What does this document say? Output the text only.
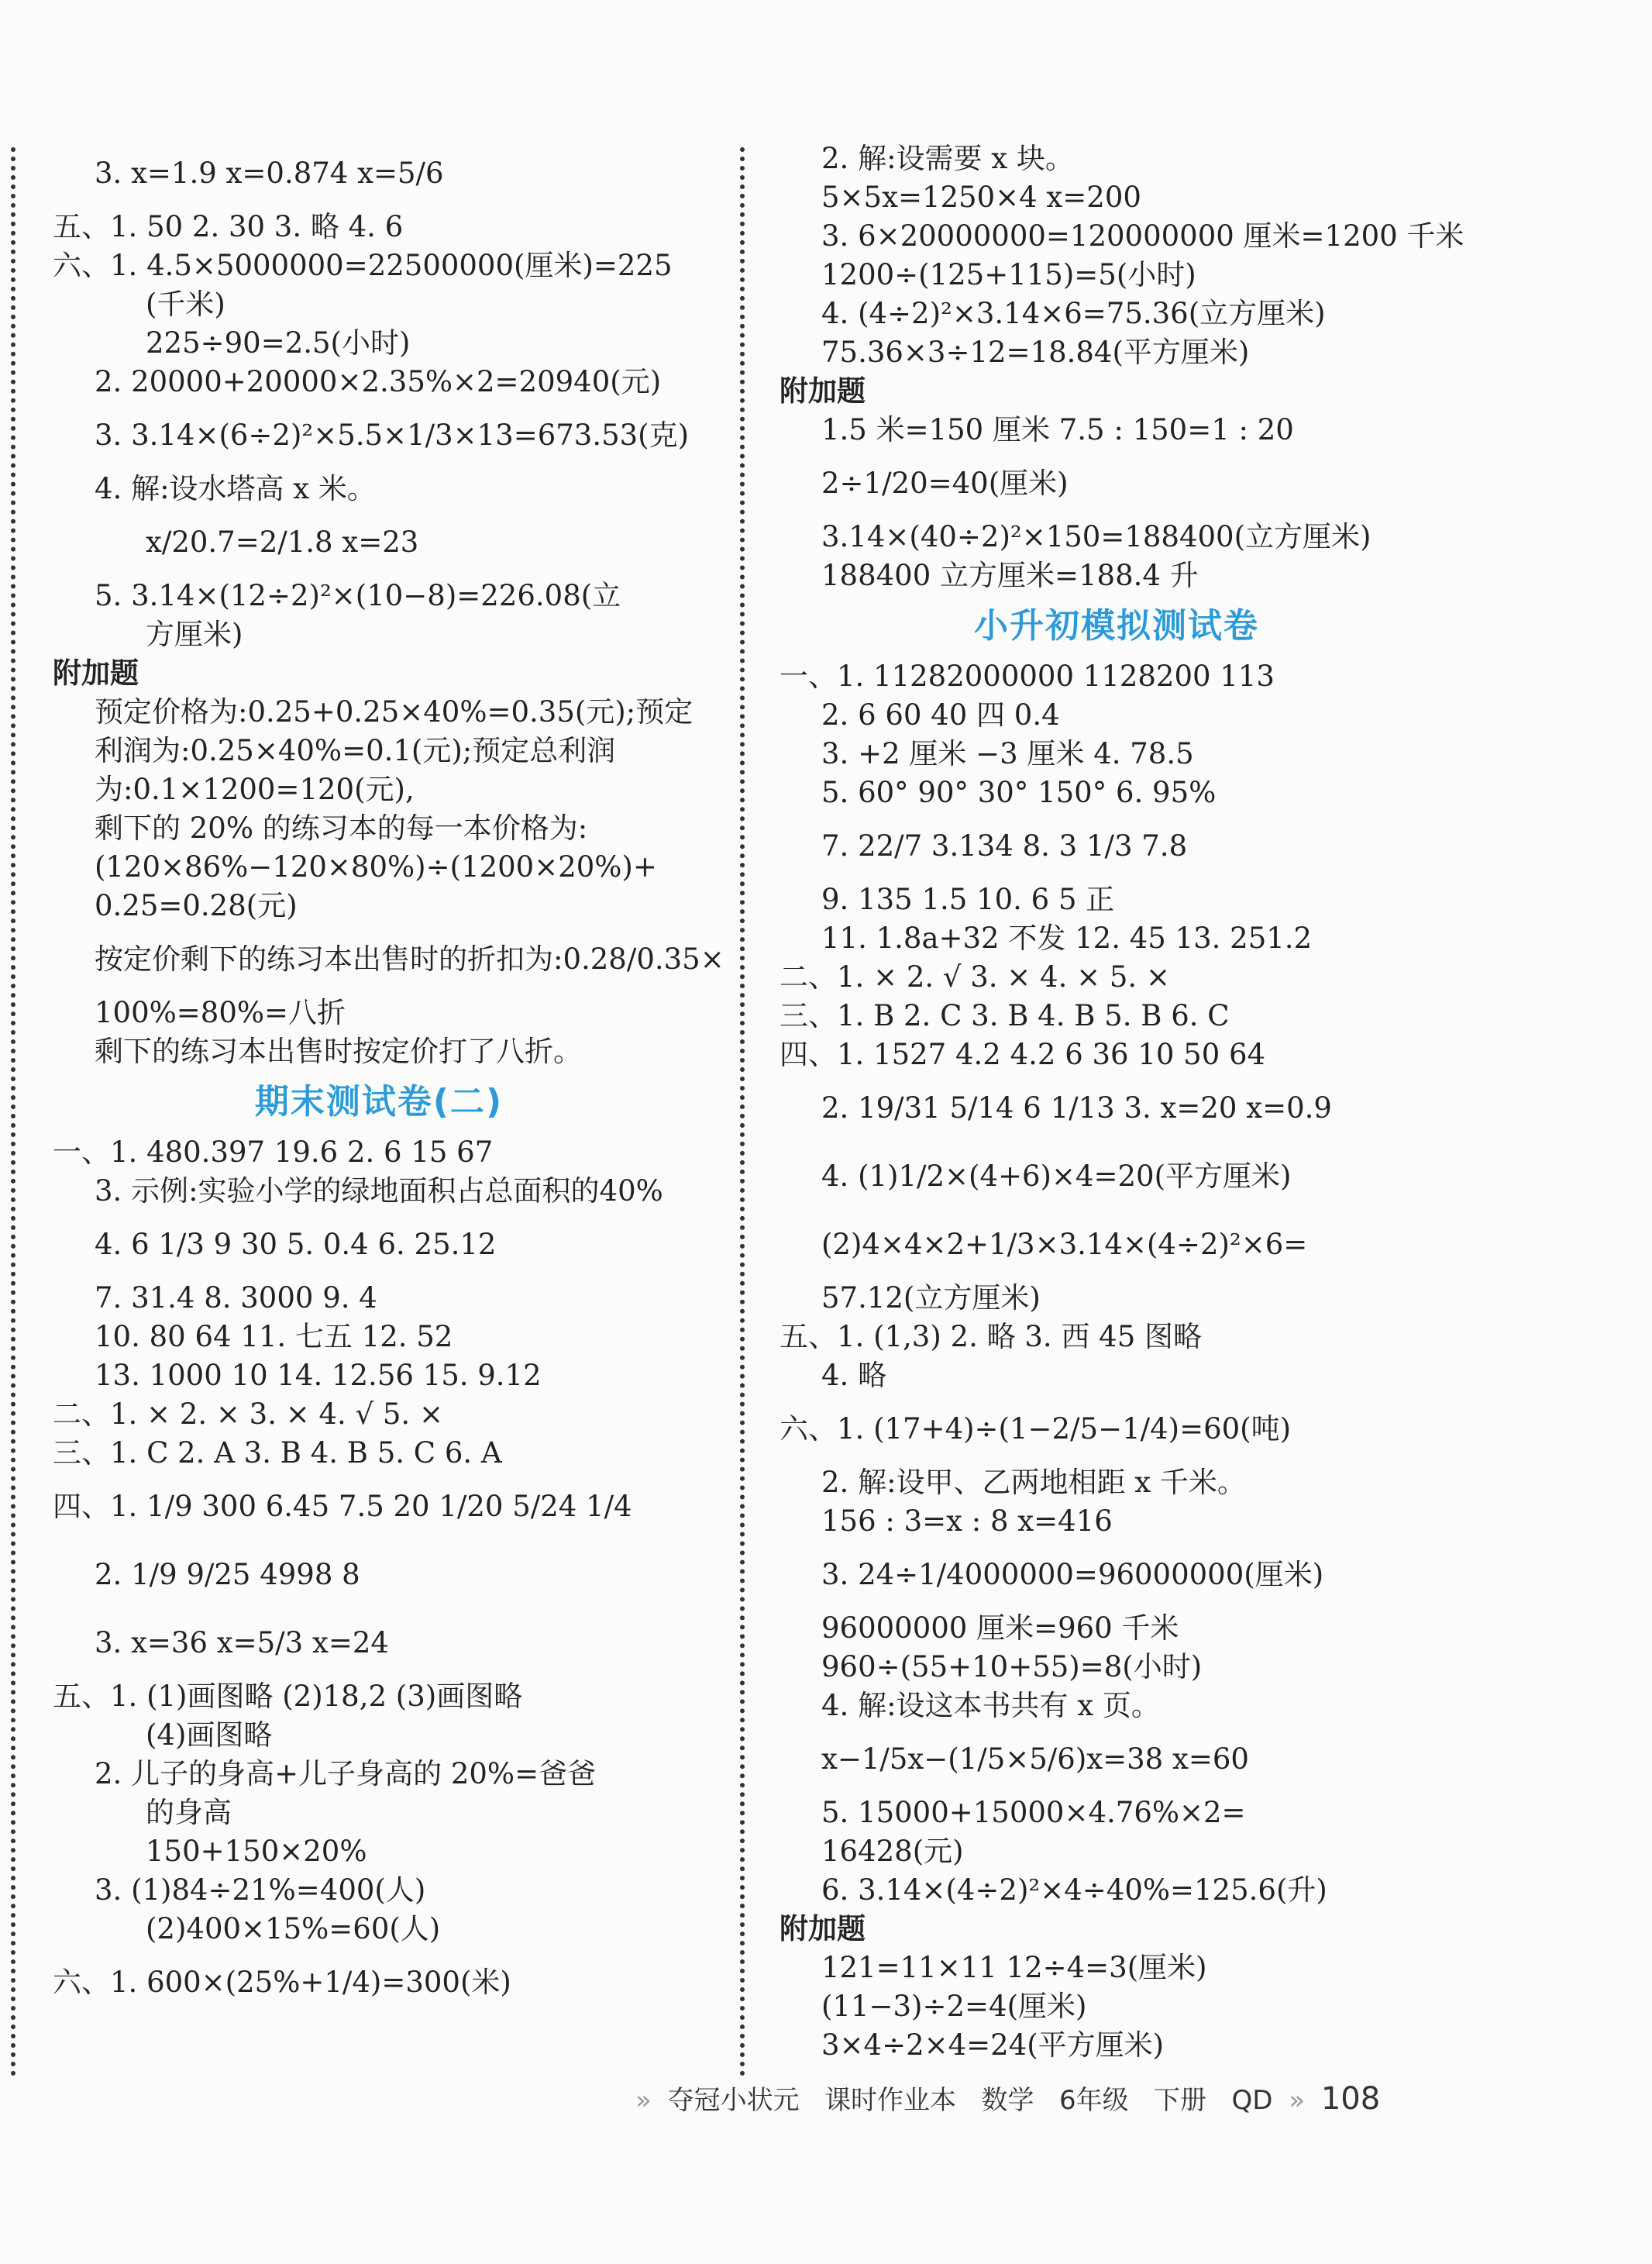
3. x=1.9 x=0.874 x=5/6
五、1. 50 2. 30 3. 略 4. 6
六、1. 4.5×5000000=22500000(厘米)=225
(千米)
225÷90=2.5(小时)
2. 20000+20000×2.35%×2=20940(元)
3. 3.14×(6÷2)²×5.5×1/3×13=673.53(克)
4. 解:设水塔高 x 米。
x/20.7=2/1.8 x=23
5. 3.14×(12÷2)²×(10−8)=226.08(立
方厘米)
附加题
预定价格为:0.25+0.25×40%=0.35(元);预定
利润为:0.25×40%=0.1(元);预定总利润
为:0.1×1200=120(元),
剩下的 20% 的练习本的每一本价格为:
(120×86%−120×80%)÷(1200×20%)+
0.25=0.28(元)
按定价剩下的练习本出售时的折扣为:0.28/0.35×
100%=80%=八折
剩下的练习本出售时按定价打了八折。
期末测试卷(二)
一、1. 480.397 19.6 2. 6 15 67
3. 示例:实验小学的绿地面积占总面积的40%
4. 6 1/3 9 30 5. 0.4 6. 25.12
7. 31.4 8. 3000 9. 4
10. 80 64 11. 七五 12. 52
13. 1000 10 14. 12.56 15. 9.12
二、1. × 2. × 3. × 4. √ 5. ×
三、1. C 2. A 3. B 4. B 5. C 6. A
四、1. 1/9 300 6.45 7.5 20 1/20 5/24 1/4
2. 1/9 9/25 4998 8
3. x=36 x=5/3 x=24
五、1. (1)画图略 (2)18,2 (3)画图略
(4)画图略
2. 儿子的身高+儿子身高的 20%=爸爸
的身高
150+150×20%
3. (1)84÷21%=400(人)
(2)400×15%=60(人)
六、1. 600×(25%+1/4)=300(米)
2. 解:设需要 x 块。
5×5x=1250×4 x=200
3. 6×20000000=120000000 厘米=1200 千米
1200÷(125+115)=5(小时)
4. (4÷2)²×3.14×6=75.36(立方厘米)
75.36×3÷12=18.84(平方厘米)
附加题
1.5 米=150 厘米 7.5 : 150=1 : 20
2÷1/20=40(厘米)
3.14×(40÷2)²×150=188400(立方厘米)
188400 立方厘米=188.4 升
小升初模拟测试卷
一、1. 11282000000 1128200 113
2. 6 60 40 四 0.4
3. +2 厘米 −3 厘米 4. 78.5
5. 60° 90° 30° 150° 6. 95%
7. 22/7 3.134 8. 3 1/3 7.8
9. 135 1.5 10. 6 5 正
11. 1.8a+32 不发 12. 45 13. 251.2
二、1. × 2. √ 3. × 4. × 5. ×
三、1. B 2. C 3. B 4. B 5. B 6. C
四、1. 1527 4.2 4.2 6 36 10 50 64
2. 19/31 5/14 6 1/13 3. x=20 x=0.9
4. (1)1/2×(4+6)×4=20(平方厘米)
(2)4×4×2+1/3×3.14×(4÷2)²×6=
57.12(立方厘米)
五、1. (1,3) 2. 略 3. 西 45 图略
4. 略
六、1. (17+4)÷(1−2/5−1/4)=60(吨)
2. 解:设甲、乙两地相距 x 千米。
156 : 3=x : 8 x=416
3. 24÷1/4000000=96000000(厘米)
96000000 厘米=960 千米
960÷(55+10+55)=8(小时)
4. 解:设这本书共有 x 页。
x−1/5x−(1/5×5/6)x=38 x=60
5. 15000+15000×4.76%×2=
16428(元)
6. 3.14×(4÷2)²×4÷40%=125.6(升)
附加题
121=11×11 12÷4=3(厘米)
(11−3)÷2=4(厘米)
3×4÷2×4=24(平方厘米)
» 夺冠小状元 课时作业本 数学 6年级 下册 QD » 108
